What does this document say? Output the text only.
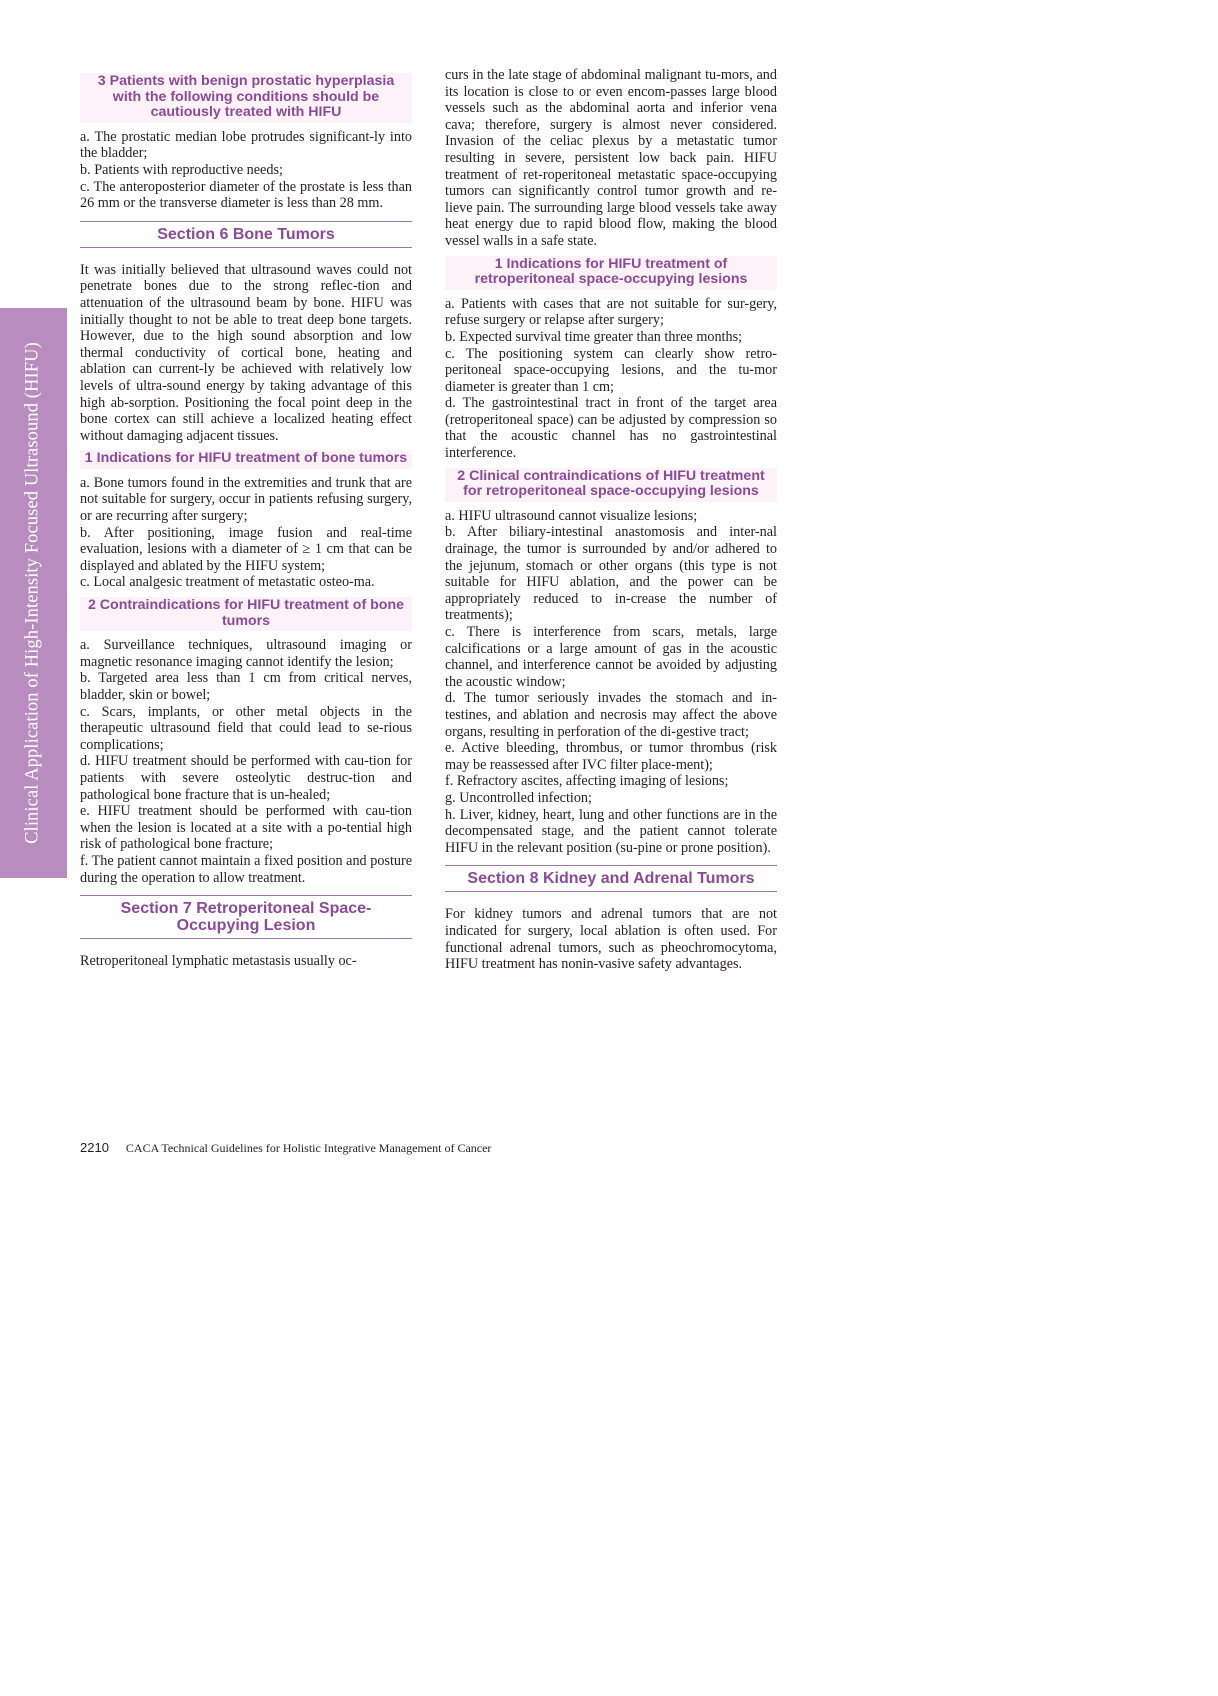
Clinical Application of High-Intensity Focused Ultrasound (HIFU)
3 Patients with benign prostatic hyperplasia with the following conditions should be cautiously treated with HIFU

a. The prostatic median lobe protrudes significant-ly into the bladder;

b. Patients with reproductive needs;

c. The anteroposterior diameter of the prostate is less than 26 mm or the transverse diameter is less than 28 mm.

Section 6 Bone Tumors

It was initially believed that ultrasound waves could not penetrate bones due to the strong reflec-tion and attenuation of the ultrasound beam by bone. HIFU was initially thought to not be able to treat deep bone targets. However, due to the high sound absorption and low thermal conductivity of cortical bone, heating and ablation can current-ly be achieved with relatively low levels of ultra-sound energy by taking advantage of this high ab-sorption. Positioning the focal point deep in the bone cortex can still achieve a localized heating effect without damaging adjacent tissues.

1 Indications for HIFU treatment of bone tumors

a. Bone tumors found in the extremities and trunk that are not suitable for surgery, occur in patients refusing surgery, or are recurring after surgery;

b. After positioning, image fusion and real-time evaluation, lesions with a diameter of ≥ 1 cm that can be displayed and ablated by the HIFU system;

c. Local analgesic treatment of metastatic osteo-ma.

2 Contraindications for HIFU treatment of bone tumors

a. Surveillance techniques, ultrasound imaging or magnetic resonance imaging cannot identify the lesion;

b. Targeted area less than 1 cm from critical nerves, bladder, skin or bowel;

c. Scars, implants, or other metal objects in the therapeutic ultrasound field that could lead to se-rious complications;

d. HIFU treatment should be performed with cau-tion for patients with severe osteolytic destruc-tion and pathological bone fracture that is un-healed;

e. HIFU treatment should be performed with cau-tion when the lesion is located at a site with a po-tential high risk of pathological bone fracture;

f. The patient cannot maintain a fixed position and posture during the operation to allow treatment.

Section 7 Retroperitoneal Space-Occupying Lesion

Retroperitoneal lymphatic metastasis usually oc-

curs in the late stage of abdominal malignant tu-mors, and its location is close to or even encom-passes large blood vessels such as the abdominal aorta and inferior vena cava; therefore, surgery is almost never considered. Invasion of the celiac plexus by a metastatic tumor resulting in severe, persistent low back pain. HIFU treatment of ret-roperitoneal metastatic space-occupying tumors can significantly control tumor growth and re-lieve pain. The surrounding large blood vessels take away heat energy due to rapid blood flow, making the blood vessel walls in a safe state.

1 Indications for HIFU treatment of retroperitoneal space-occupying lesions

a. Patients with cases that are not suitable for sur-gery, refuse surgery or relapse after surgery;

b. Expected survival time greater than three months;

c. The positioning system can clearly show retro-peritoneal space-occupying lesions, and the tu-mor diameter is greater than 1 cm;

d. The gastrointestinal tract in front of the target area (retroperitoneal space) can be adjusted by compression so that the acoustic channel has no gastrointestinal interference.

2 Clinical contraindications of HIFU treatment for retroperitoneal space-occupying lesions

a. HIFU ultrasound cannot visualize lesions;

b. After biliary-intestinal anastomosis and inter-nal drainage, the tumor is surrounded by and/or adhered to the jejunum, stomach or other organs (this type is not suitable for HIFU ablation, and the power can be appropriately reduced to in-crease the number of treatments);

c. There is interference from scars, metals, large calcifications or a large amount of gas in the acoustic channel, and interference cannot be avoided by adjusting the acoustic window;

d. The tumor seriously invades the stomach and in-testines, and ablation and necrosis may affect the above organs, resulting in perforation of the di-gestive tract;

e. Active bleeding, thrombus, or tumor thrombus (risk may be reassessed after IVC filter place-ment);

f. Refractory ascites, affecting imaging of lesions;

g. Uncontrolled infection;

h. Liver, kidney, heart, lung and other functions are in the decompensated stage, and the patient cannot tolerate HIFU in the relevant position (su-pine or prone position).

Section 8 Kidney and Adrenal Tumors

For kidney tumors and adrenal tumors that are not indicated for surgery, local ablation is often used. For functional adrenal tumors, such as pheochromocytoma, HIFU treatment has nonin-vasive safety advantages.

2210 CACA Technical Guidelines for Holistic Integrative Management of Cancer
